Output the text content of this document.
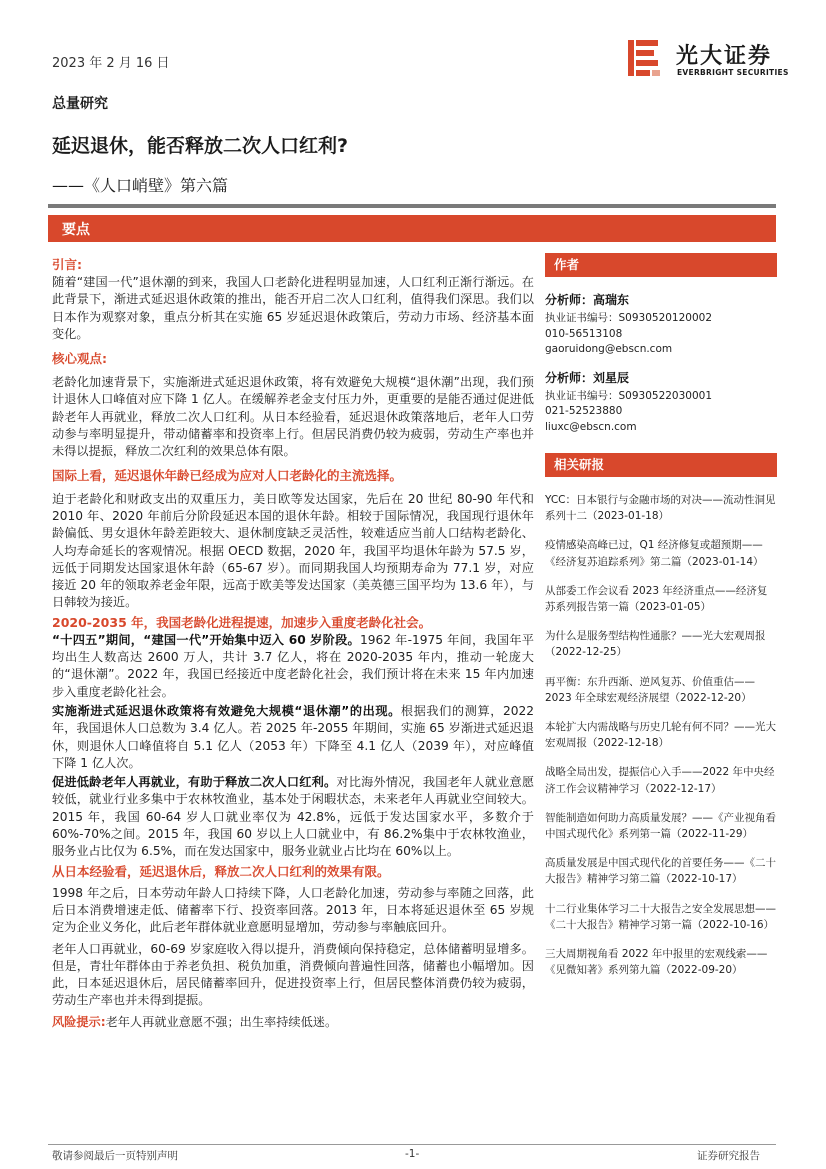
2023 年 2 月 16 日	光大证券
EVERBRIGHT SECURITIES
总量研究
延迟退休，能否释放二次人口红利?
——《人口峭壁》第六篇
要点

引言:

随着“建国一代”退休潮的到来，我国人口老龄化进程明显加速，人口红利正渐行渐远。在此背景下，渐进式延迟退休政策的推出，能否开启二次人口红利，值得我们深思。我们以日本作为观察对象，重点分析其在实施 65 岁延迟退休政策后，劳动力市场、经济基本面变化。

核心观点:

老龄化加速背景下，实施渐进式延迟退休政策，将有效避免大规模“退休潮”出现，我们预计退休人口峰值对应下降 1 亿人。在缓解养老金支付压力外，更重要的是能否通过促进低龄老年人再就业，释放二次人口红利。从日本经验看，延迟退休政策落地后，老年人口劳动参与率明显提升，带动储蓄率和投资率上行。但居民消费仍较为疲弱，劳动生产率也并未得以提振，释放二次红利的效果总体有限。

国际上看，延迟退休年龄已经成为应对人口老龄化的主流选择。

迫于老龄化和财政支出的双重压力，美日欧等发达国家，先后在 20 世纪 80-90 年代和 2010 年、2020 年前后分阶段延迟本国的退休年龄。相较于国际情况，我国现行退休年龄偏低、男女退休年龄差距较大、退休制度缺乏灵活性，较难适应当前人口结构老龄化、人均寿命延长的客观情况。根据 OECD 数据，2020 年，我国平均退休年龄为 57.5 岁，远低于同期发达国家退休年龄（65-67 岁）。而同期我国人均预期寿命为 77.1 岁，对应接近 20 年的领取养老金年限，远高于欧美等发达国家（美英德三国平均为 13.6 年），与日韩较为接近。

2020-2035 年，我国老龄化进程提速，加速步入重度老龄化社会。

“十四五”期间，“建国一代”开始集中迈入 60 岁阶段。1962 年-1975 年间，我国年平均出生人数高达 2600 万人，共计 3.7 亿人，将在 2020-2035 年内，推动一轮庞大的“退休潮”。2022 年，我国已经接近中度老龄化社会，我们预计将在未来 15 年内加速步入重度老龄化社会。

实施渐进式延迟退休政策将有效避免大规模“退休潮”的出现。根据我们的测算，2022 年，我国退休人口总数为 3.4 亿人。若 2025 年-2055 年期间，实施 65 岁渐进式延迟退休，则退休人口峰值将自 5.1 亿人（2053 年）下降至 4.1 亿人（2039 年），对应峰值下降 1 亿人次。

促进低龄老年人再就业，有助于释放二次人口红利。对比海外情况，我国老年人就业意愿较低，就业行业多集中于农林牧渔业，基本处于闲暇状态，未来老年人再就业空间较大。2015 年，我国 60-64 岁人口就业率仅为 42.8%，远低于发达国家水平，多数介于 60%-70%之间。2015 年，我国 60 岁以上人口就业中，有 86.2%集中于农林牧渔业，服务业占比仅为 6.5%，而在发达国家中，服务业就业占比均在 60%以上。

从日本经验看，延迟退休后，释放二次人口红利的效果有限。

1998 年之后，日本劳动年龄人口持续下降，人口老龄化加速，劳动参与率随之回落，此后日本消费增速走低、储蓄率下行、投资率回落。2013 年，日本将延迟退休至 65 岁规定为企业义务化，此后老年群体就业意愿明显增加，劳动参与率触底回升。

老年人口再就业，60-69 岁家庭收入得以提升，消费倾向保持稳定，总体储蓄明显增多。但是，青壮年群体由于养老负担、税负加重，消费倾向普遍性回落，储蓄也小幅增加。因此，日本延迟退休后，居民储蓄率回升，促进投资率上行，但居民整体消费仍较为疲弱，劳动生产率也并未得到提振。

风险提示:老年人再就业意愿不强；出生率持续低迷。

作者

分析师：高瑞东

执业证书编号：S0930520120002

010-56513108

gaoruidong@ebscn.com

分析师：刘星辰

执业证书编号：S0930522030001

021-52523880

liuxc@ebscn.com

相关研报

YCC：日本银行与金融市场的对决——流动性洞见系列十二（2023-01-18）

疫情感染高峰已过，Q1 经济修复或超预期——《经济复苏追踪系列》第二篇（2023-01-14）

从部委工作会议看 2023 年经济重点——经济复苏系列报告第一篇（2023-01-05）

为什么是服务型结构性通胀？——光大宏观周报（2022-12-25）

再平衡：东升西渐、逆风复苏、价值重估——2023 年全球宏观经济展望（2022-12-20）

本轮扩大内需战略与历史几轮有何不同？——光大宏观周报（2022-12-18）

战略全局出发，提振信心入手——2022 年中央经济工作会议精神学习（2022-12-17）

智能制造如何助力高质量发展？——《产业视角看中国式现代化》系列第一篇（2022-11-29）

高质量发展是中国式现代化的首要任务——《二十大报告》精神学习第二篇（2022-10-17）

十二行业集体学习二十大报告之安全发展思想——《二十大报告》精神学习第一篇（2022-10-16）

三大周期视角看 2022 年中报里的宏观线索——《见微知著》系列第九篇（2022-09-20）

敬请参阅最后一页特别声明	-1-	证券研究报告
